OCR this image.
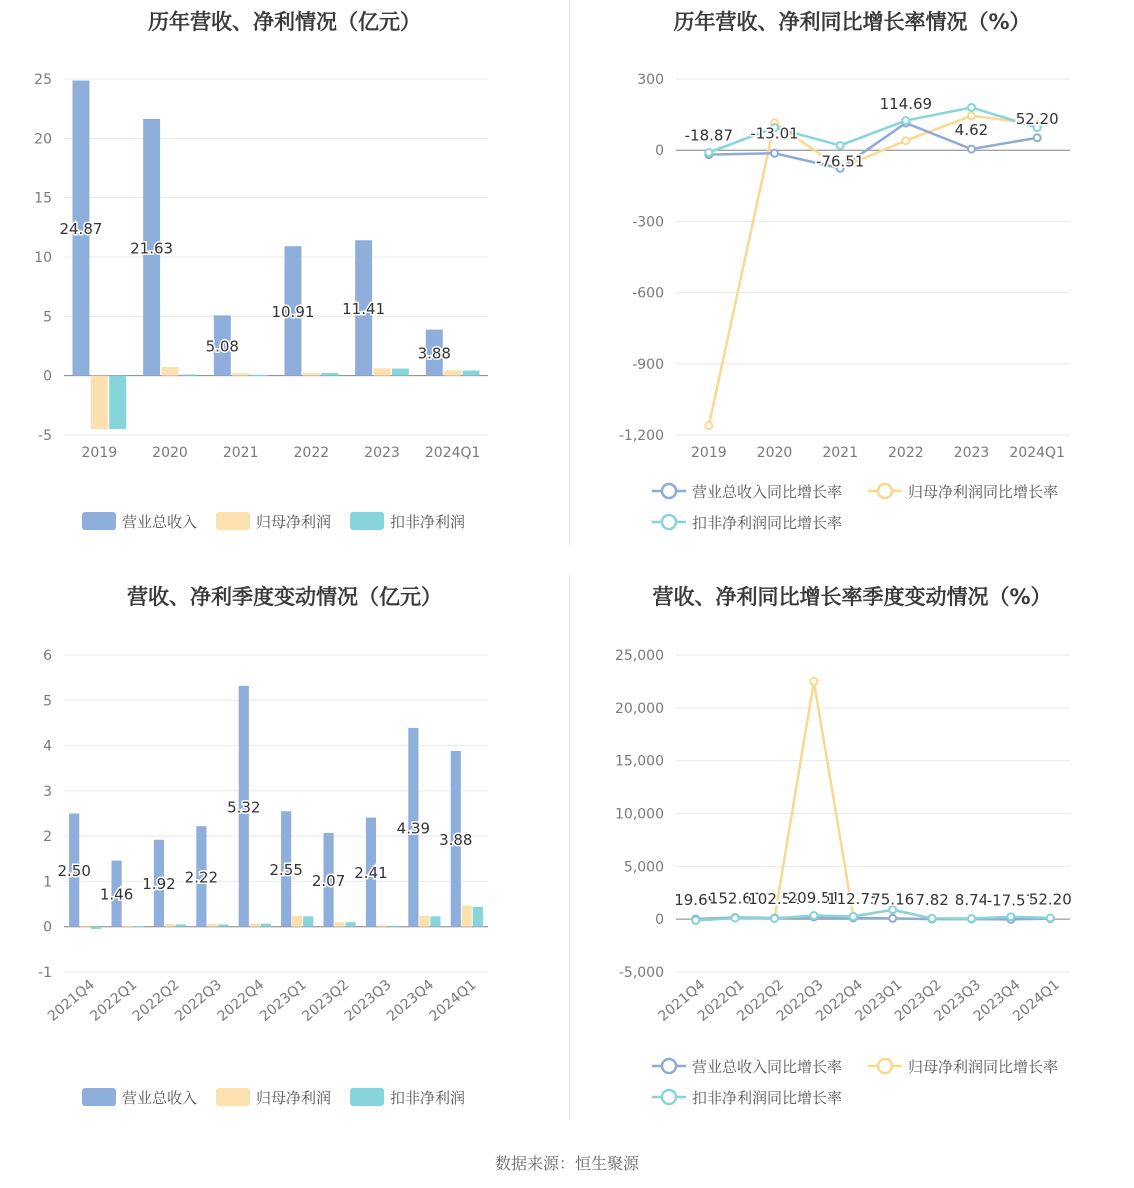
历年营收、净利情况（亿元）
-5
0
5
10
15
20
25
2019	2020	2021	2022	2023 2024Q1
24.87
21.63
5.08
10.91 11.41
3.88
营业总收入	归母净利润	扣非净利润
历年营收、净利同比增长率情况（%）
-1,200
-900
-600
-300
0
300
2019 2020 2021 2022 2023 2024Q1
-18.87 -13.01
-76.51
114.69
4.62
52.20
营业总收入同比增长率	归母净利润同比增长率
扣非净利润同比增长率
营收、净利季度变动情况（亿元）
-1
0
1
2
3
4
5
6
2021Q4
2022Q1
2022Q2
2022Q3
2022Q4
2023Q1
2023Q2
2023Q3
2023Q4
2024Q1
2.50
1.46
1.92 2.22
5.32
2.55
2.07 2.41
4.39
3.88
营业总收入	归母净利润	扣非净利润
营收、净利同比增长率季度变动情况（%）
-5,000
0
5,000
10,000
15,000
20,000
25,000
2021Q4
2022Q1
2022Q2
2022Q3
2022Q4
2023Q1
2023Q2
2023Q3
2023Q4
2024Q1
19.69
152.60
102.52
209.51
112.75
75.16 7.82 8.74
-17.57
52.20
营业总收入同比增长率	归母净利润同比增长率
扣非净利润同比增长率
数据来源：恒生聚源
